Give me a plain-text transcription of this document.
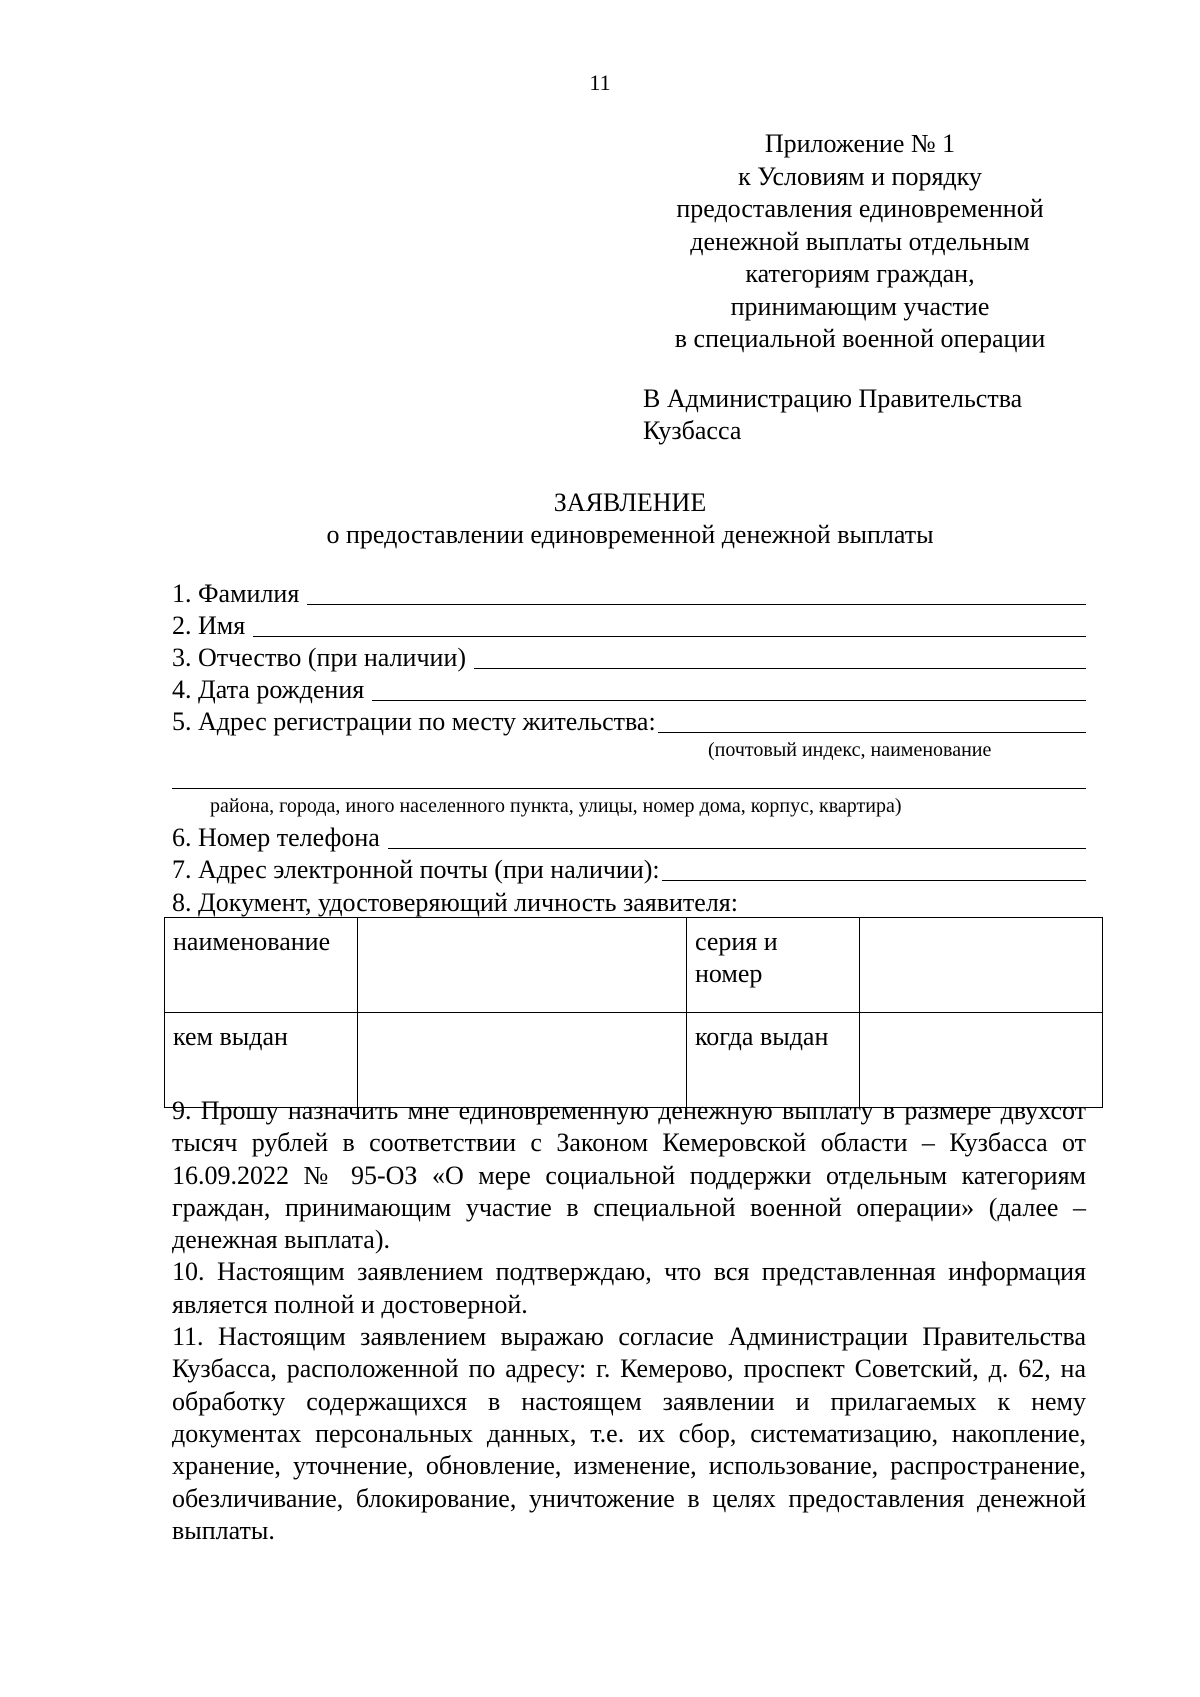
11
Приложение № 1
к Условиям и порядку
предоставления единовременной
денежной выплаты отдельным
категориям граждан,
принимающим участие
в специальной военной операции
В Администрацию Правительства
Кузбасса
ЗАЯВЛЕНИЕ
о предоставлении единовременной денежной выплаты
1. Фамилия
2. Имя
3. Отчество (при наличии)
4. Дата рождения
5. Адрес регистрации по месту жительства:
(почтовый индекс, наименование
района, города, иного населенного пункта, улицы, номер дома, корпус, квартира)
6. Номер телефона
7. Адрес электронной почты (при наличии):
8. Документ, удостоверяющий личность заявителя:
наименование		серия и
номер	

кем выдан		когда выдан	

9. Прошу назначить мне единовременную денежную выплату в размере двухсот тысяч рублей в соответствии с Законом Кемеровской области – Кузбасса от 16.09.2022 № 95-ОЗ «О мере социальной поддержки отдельным категориям граждан, принимающим участие в специальной военной операции» (далее – денежная выплата).

10. Настоящим заявлением подтверждаю, что вся представленная информация является полной и достоверной.

11. Настоящим заявлением выражаю согласие Администрации Правительства Кузбасса, расположенной по адресу: г. Кемерово, проспект Советский, д. 62, на обработку содержащихся в настоящем заявлении и прилагаемых к нему документах персональных данных, т.е. их сбор, систематизацию, накопление, хранение, уточнение, обновление, изменение, использование, распространение, обезличивание, блокирование, уничтожение в целях предоставления денежной выплаты.
